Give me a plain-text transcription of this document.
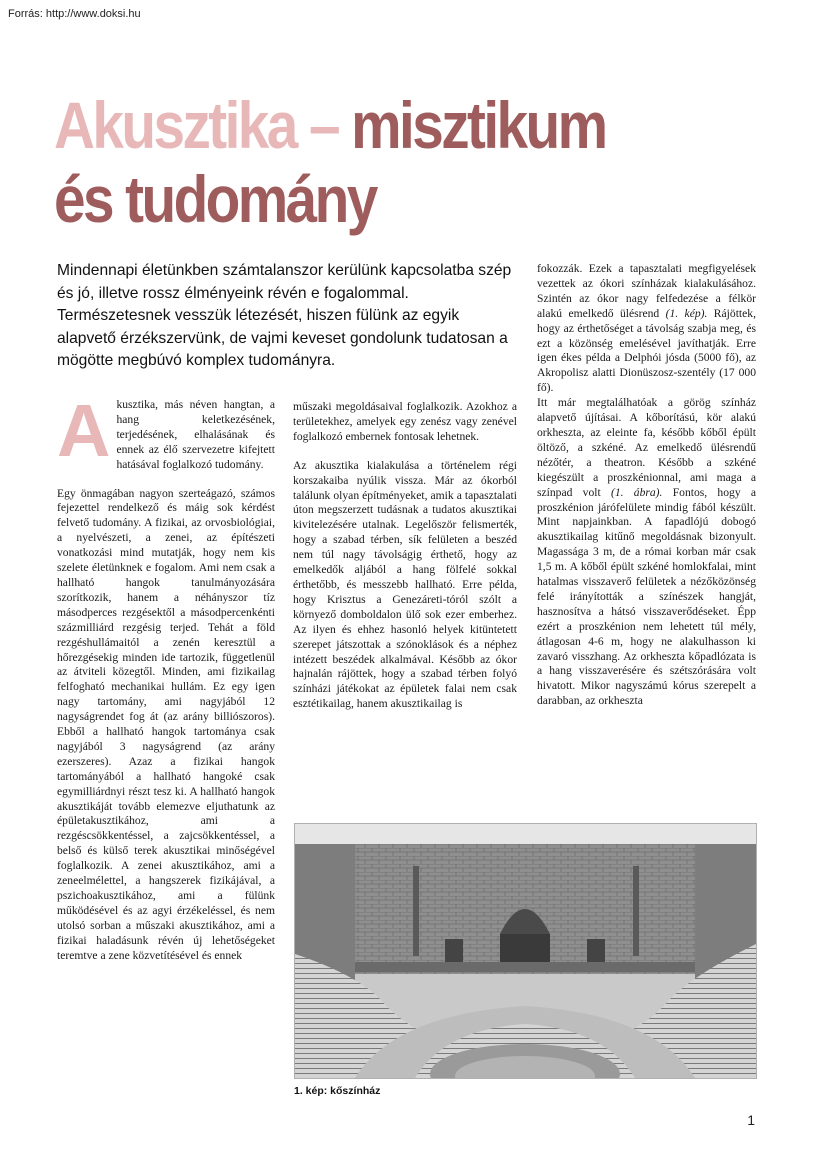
Forrás: http://www.doksi.hu
Akusztika – misztikum
és tudomány

Mindennapi életünkben számtalanszor kerülünk kapcsolatba szép és jó, illetve rossz élményeink révén e fogalommal. Természetesnek vesszük létezését, hiszen fülünk az egyik alapvető érzékszervünk, de vajmi keveset gondolunk tudatosan a mögötte megbúvó komplex tudományra.

Akusztika, más néven hangtan, a hang keletkezésének, terjedésének, elhalásának és ennek az élő szervezetre kifejtett hatásával foglalkozó tudomány.

Egy önmagában nagyon szerteágazó, számos fejezettel rendelkező és máig sok kérdést felvető tudomány. A fizikai, az orvosbiológiai, a nyelvészeti, a zenei, az építészeti vonatkozási mind mutatják, hogy nem kis szelete életünknek e fogalom. Ami nem csak a hallható hangok tanulmányozására szorítkozik, hanem a néhányszor tíz másodperces rezgésektől a másodpercenkénti százmilliárd rezgésig terjed. Tehát a föld rezgéshullámaitól a zenén keresztül a hőrezgésekig minden ide tartozik, függetlenül az átviteli közegtől. Minden, ami fizikailag felfogható mechanikai hullám. Ez egy igen nagy tartomány, ami nagyjából 12 nagyságrendet fog át (az arány billiószoros). Ebből a hallható hangok tartománya csak nagyjából 3 nagyságrend (az arány ezerszeres). Azaz a fizikai hangok tartományából a hallható hangoké csak egymilliárdnyi részt tesz ki. A hallható hangok akusztikáját tovább elemezve eljuthatunk az épületakusztikához, ami a rezgéscsökkentéssel, a zajcsökkentéssel, a belső és külső terek akusztikai minőségével foglalkozik. A zenei akusztikához, ami a zeneelmélettel, a hangszerek fizikájával, a pszichoakusztikához, ami a fülünk működésével és az agyi érzékeléssel, és nem utolsó sorban a műszaki akusztikához, ami a fizikai haladásunk révén új lehetőségeket teremtve a zene közvetítésével és ennek

műszaki megoldásaival foglalkozik. Azokhoz a területekhez, amelyek egy zenész vagy zenével foglalkozó embernek fontosak lehetnek.

Az akusztika kialakulása a történelem régi korszakaiba nyúlik vissza. Már az ókorból találunk olyan építményeket, amik a tapasztalati úton megszerzett tudásnak a tudatos akusztikai kivitelezésére utalnak. Legelőször felismerték, hogy a szabad térben, sík felületen a beszéd nem túl nagy távolságig érthető, hogy az emelkedők aljából a hang fölfelé sokkal érthetőbb, és messzebb hallható. Erre példa, hogy Krisztus a Genezáreti-tóról szólt a környező domboldalon ülő sok ezer emberhez. Az ilyen és ehhez hasonló helyek kitüntetett szerepet játszottak a szónoklások és a néphez intézett beszédek alkalmával. Később az ókor hajnalán rájöttek, hogy a szabad térben folyó színházi játékokat az épületek falai nem csak esztétikailag, hanem akusztikailag is

fokozzák. Ezek a tapasztalati megfigyelések vezettek az ókori színházak kialakulásához. Szintén az ókor nagy felfedezése a félkör alakú emelkedő ülésrend (1. kép). Rájöttek, hogy az érthetőséget a távolság szabja meg, és ezt a közönség emelésével javíthatják. Erre igen ékes példa a Delphói jósda (5000 fő), az Akropolisz alatti Dionüszosz-szentély (17 000 fő).

Itt már megtalálhatóak a görög színház alapvető újításai. A kőborítású, kör alakú orkheszta, az eleinte fa, később kőből épült öltöző, a szkéné. Az emelkedő ülésrendű nézőtér, a theatron. Később a szkéné kiegészült a proszkénionnal, ami maga a színpad volt (1. ábra). Fontos, hogy a proszkénion járófelülete mindig fából készült. Mint napjainkban. A fapadlójú dobogó akusztikailag kitűnő megoldásnak bizonyult. Magassága 3 m, de a római korban már csak 1,5 m. A kőből épült szkéné homlokfalai, mint hatalmas visszaverő felületek a nézőközönség felé irányították a színészek hangját, hasznosítva a hátsó visszaverődéseket. Épp ezért a proszkénion nem lehetett túl mély, átlagosan 4-6 m, hogy ne alakulhasson ki zavaró visszhang. Az orkheszta kőpadlózata is a hang visszaverésére és szétszórására volt hivatott. Mikor nagyszámú kórus szerepelt a darabban, az orkheszta

1. kép: kőszínház
1
